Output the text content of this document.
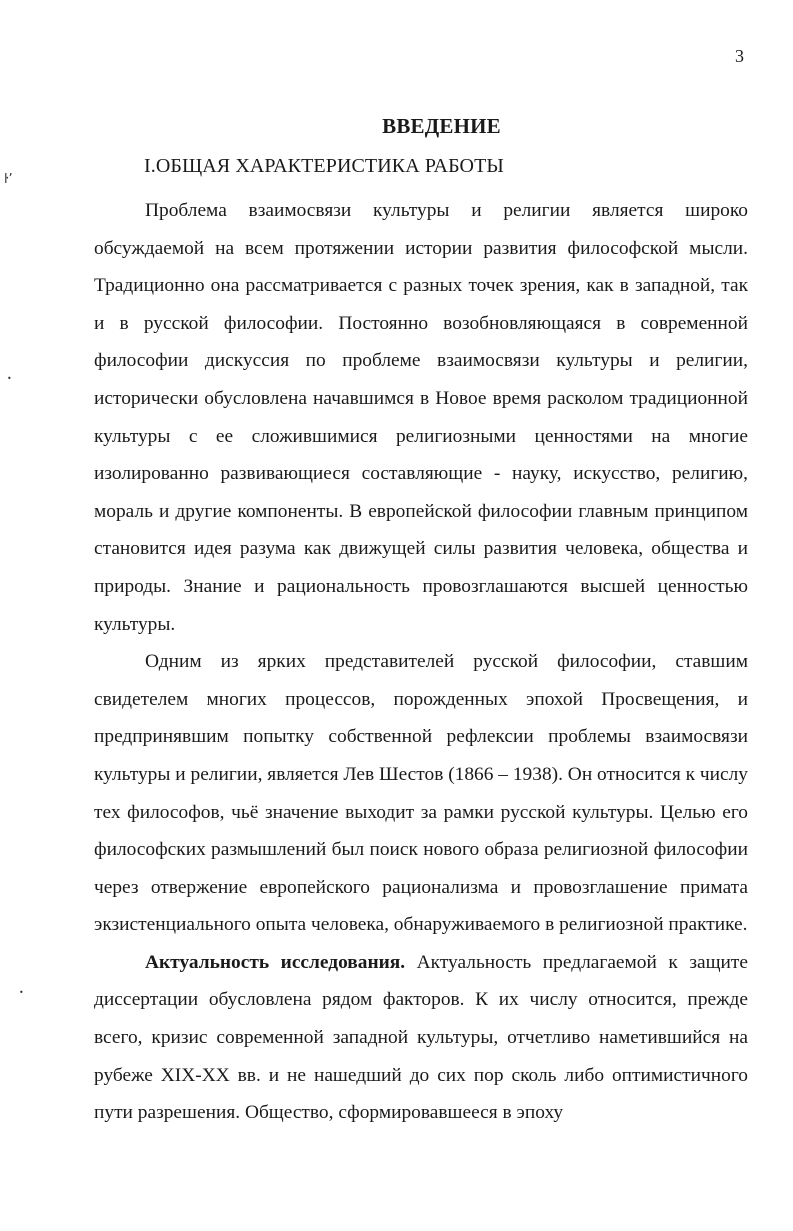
ŀ’
•
•
3
ВВЕДЕНИЕ
I.ОБЩАЯ ХАРАКТЕРИСТИКА РАБОТЫ

Проблема взаимосвязи культуры и религии является широко обсуждаемой на всем протяжении истории развития философской мысли. Традиционно она рассматривается с разных точек зрения, как в западной, так и в русской философии. Постоянно возобновляющаяся в современной философии дискуссия по проблеме взаимосвязи культуры и религии, исторически обусловлена начавшимся в Новое время расколом традиционной культуры с ее сложившимися религиозными ценностями на многие изолированно развивающиеся составляющие - науку, искусство, религию, мораль и другие компоненты. В европейской философии главным принципом становится идея разума как движущей силы развития человека, общества и природы. Знание и рациональность провозглашаются высшей ценностью культуры.

Одним из ярких представителей русской философии, ставшим свидетелем многих процессов, порожденных эпохой Просвещения, и предпринявшим попытку собственной рефлексии проблемы взаимосвязи культуры и религии, является Лев Шестов (1866 – 1938). Он относится к числу тех философов, чьё значение выходит за рамки русской культуры. Целью его философских размышлений был поиск нового образа религиозной философии через отвержение европейского рационализма и провозглашение примата экзистенциального опыта человека, обнаруживаемого в религиозной практике.

Актуальность исследования. Актуальность предлагаемой к защите диссертации обусловлена рядом факторов. К их числу относится, прежде всего, кризис современной западной культуры, отчетливо наметившийся на рубеже XIX-XX вв. и не нашедший до сих пор сколь либо оптимистичного пути разрешения. Общество, сформировавшееся в эпоху
